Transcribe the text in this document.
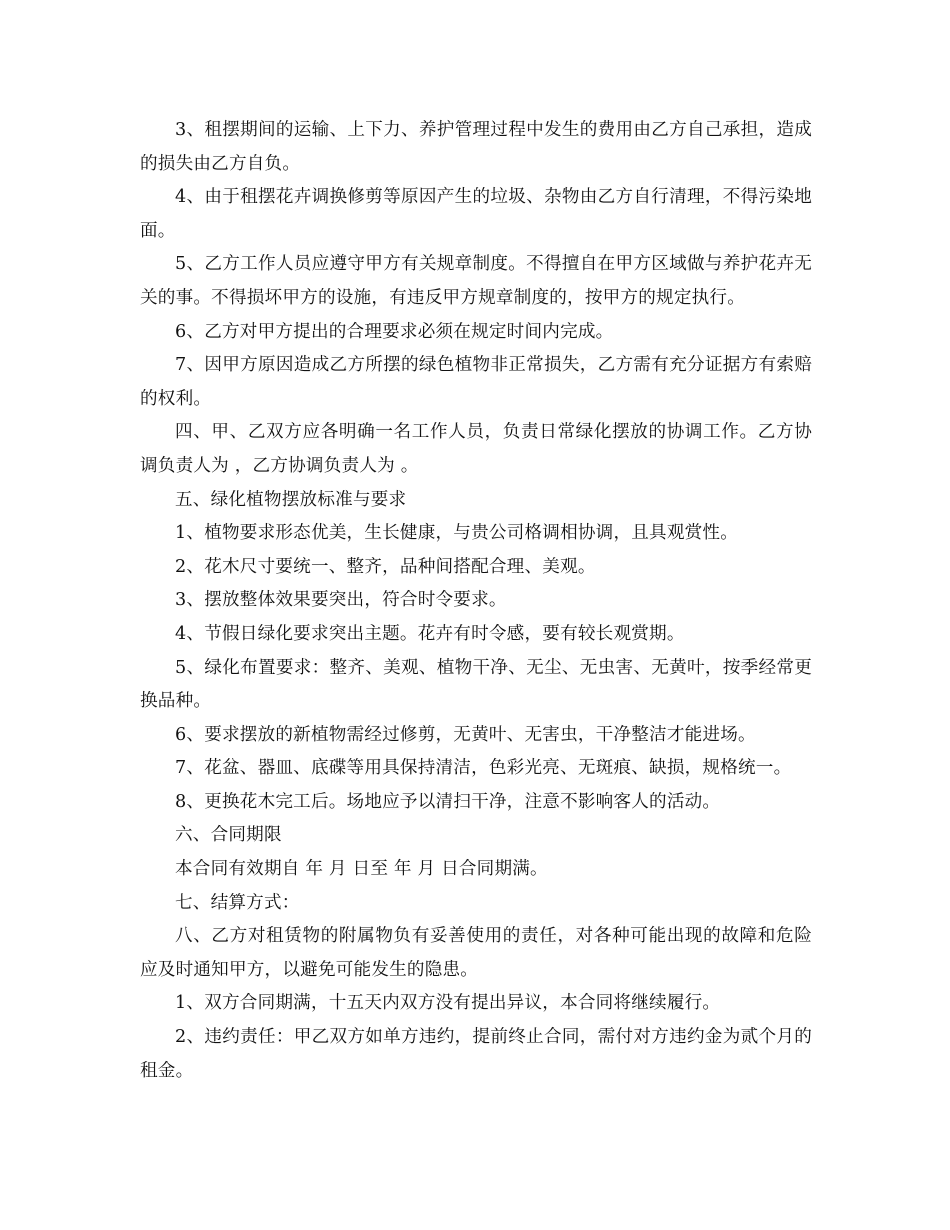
3、租摆期间的运输、上下力、养护管理过程中发生的费用由乙方自己承担，造成的损失由乙方自负。

4、由于租摆花卉调换修剪等原因产生的垃圾、杂物由乙方自行清理，不得污染地面。

5、乙方工作人员应遵守甲方有关规章制度。不得擅自在甲方区域做与养护花卉无关的事。不得损坏甲方的设施，有违反甲方规章制度的，按甲方的规定执行。

6、乙方对甲方提出的合理要求必须在规定时间内完成。

7、因甲方原因造成乙方所摆的绿色植物非正常损失，乙方需有充分证据方有索赔的权利。

四、甲、乙双方应各明确一名工作人员，负责日常绿化摆放的协调工作。乙方协调负责人为 ，乙方协调负责人为 。

五、绿化植物摆放标准与要求

1、植物要求形态优美，生长健康，与贵公司格调相协调，且具观赏性。

2、花木尺寸要统一、整齐，品种间搭配合理、美观。

3、摆放整体效果要突出，符合时令要求。

4、节假日绿化要求突出主题。花卉有时令感，要有较长观赏期。

5、绿化布置要求：整齐、美观、植物干净、无尘、无虫害、无黄叶，按季经常更换品种。

6、要求摆放的新植物需经过修剪，无黄叶、无害虫，干净整洁才能进场。

7、花盆、器皿、底碟等用具保持清洁，色彩光亮、无斑痕、缺损，规格统一。

8、更换花木完工后。场地应予以清扫干净，注意不影响客人的活动。

六、合同期限

本合同有效期自 年 月 日至 年 月 日合同期满。

七、结算方式：

八、乙方对租赁物的附属物负有妥善使用的责任，对各种可能出现的故障和危险应及时通知甲方，以避免可能发生的隐患。

1、双方合同期满，十五天内双方没有提出异议，本合同将继续履行。

2、违约责任：甲乙双方如单方违约，提前终止合同，需付对方违约金为贰个月的租金。
